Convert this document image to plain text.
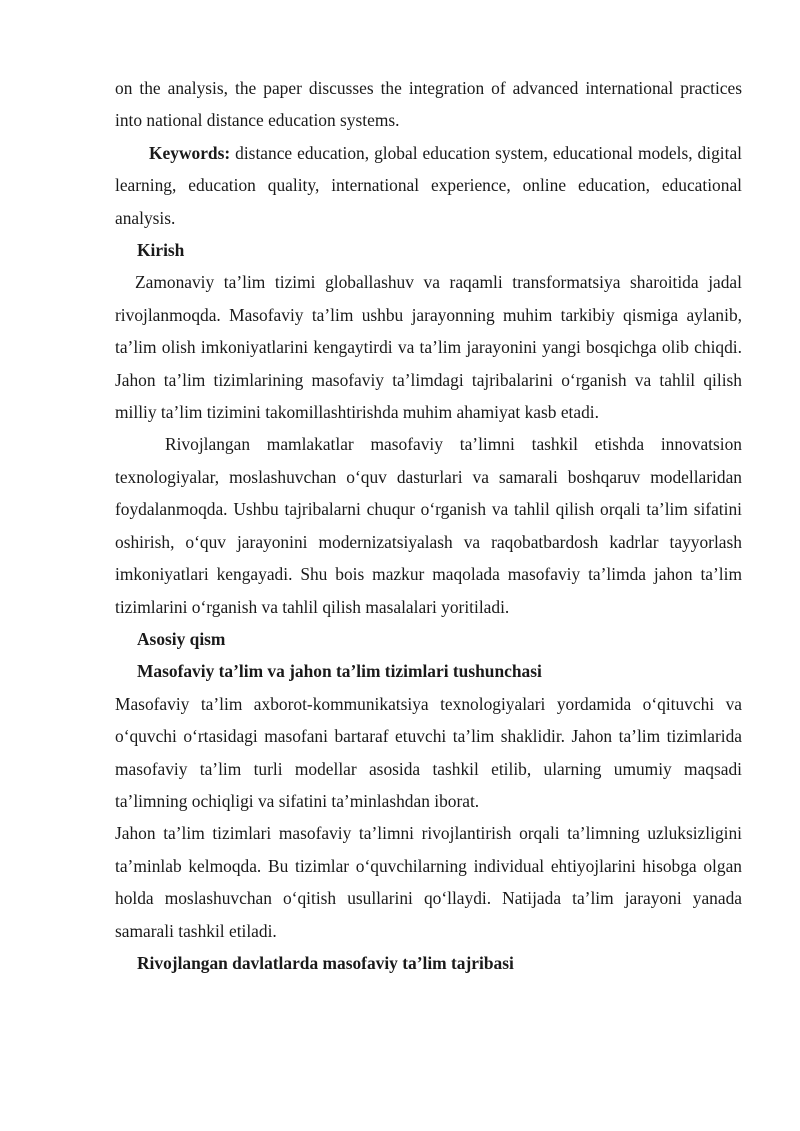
on the analysis, the paper discusses the integration of advanced international practices into national distance education systems.

Keywords: distance education, global education system, educational models, digital learning, education quality, international experience, online education, educational analysis.

Kirish

Zamonaviy ta’lim tizimi globallashuv va raqamli transformatsiya sharoitida jadal rivojlanmoqda. Masofaviy ta’lim ushbu jarayonning muhim tarkibiy qismiga aylanib, ta’lim olish imkoniyatlarini kengaytirdi va ta’lim jarayonini yangi bosqichga olib chiqdi. Jahon ta’lim tizimlarining masofaviy ta’limdagi tajribalarini o‘rganish va tahlil qilish milliy ta’lim tizimini takomillashtirishda muhim ahamiyat kasb etadi.

Rivojlangan mamlakatlar masofaviy ta’limni tashkil etishda innovatsion texnologiyalar, moslashuvchan o‘quv dasturlari va samarali boshqaruv modellaridan foydalanmoqda. Ushbu tajribalarni chuqur o‘rganish va tahlil qilish orqali ta’lim sifatini oshirish, o‘quv jarayonini modernizatsiyalash va raqobatbardosh kadrlar tayyorlash imkoniyatlari kengayadi. Shu bois mazkur maqolada masofaviy ta’limda jahon ta’lim tizimlarini o‘rganish va tahlil qilish masalalari yoritiladi.

Asosiy qism

Masofaviy ta’lim va jahon ta’lim tizimlari tushunchasi

Masofaviy ta’lim axborot-kommunikatsiya texnologiyalari yordamida o‘qituvchi va o‘quvchi o‘rtasidagi masofani bartaraf etuvchi ta’lim shaklidir. Jahon ta’lim tizimlarida masofaviy ta’lim turli modellar asosida tashkil etilib, ularning umumiy maqsadi ta’limning ochiqligi va sifatini ta’minlashdan iborat.

Jahon ta’lim tizimlari masofaviy ta’limni rivojlantirish orqali ta’limning uzluksizligini ta’minlab kelmoqda. Bu tizimlar o‘quvchilarning individual ehtiyojlarini hisobga olgan holda moslashuvchan o‘qitish usullarini qo‘llaydi. Natijada ta’lim jarayoni yanada samarali tashkil etiladi.

Rivojlangan davlatlarda masofaviy ta’lim tajribasi
